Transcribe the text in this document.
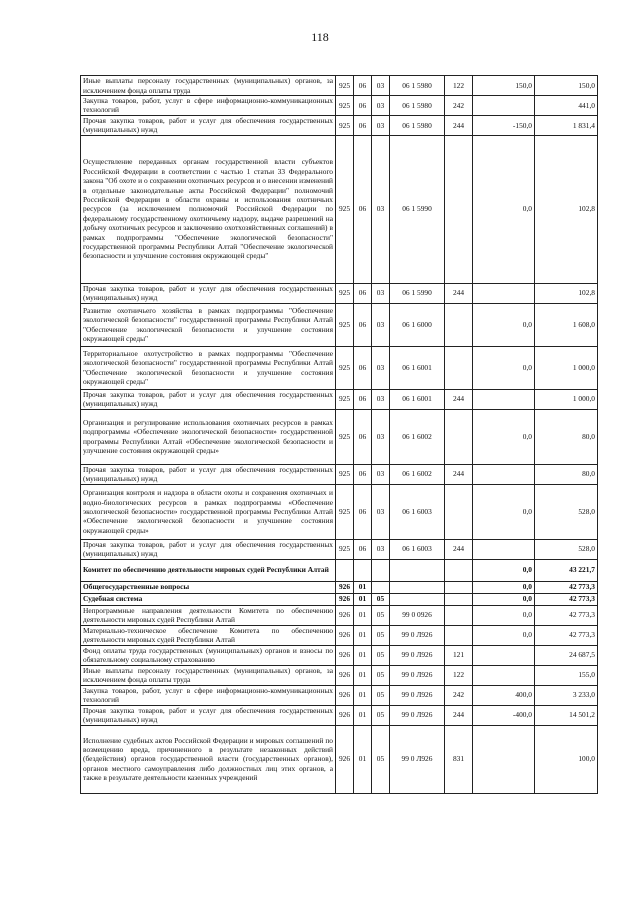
118
Иные выплаты персоналу государственных (муниципальных) органов, за исключением фонда оплаты труда	925	06	03	06 1 5980	122	150,0	150,0
Закупка товаров, работ, услуг в сфере информационно-коммуникационных технологий	925	06	03	06 1 5980	242		441,0
Прочая закупка товаров, работ и услуг для обеспечения государственных (муниципальных) нужд	925	06	03	06 1 5980	244	-150,0	1 831,4
Осуществление переданных органам государственной власти субъектов Российской Федерации в соответствии с частью 1 статьи 33 Федерального закона "Об охоте и о сохранении охотничьих ресурсов и о внесении изменений в отдельные законодательные акты Российской Федерации" полномочий Российской Федерации в области охраны и использования охотничьих ресурсов (за исключением полномочий Российской Федерации по федеральному государственному охотничьему надзору, выдаче разрешений на добычу охотничьих ресурсов и заключению охотхозяйственных соглашений) в рамках подпрограммы "Обеспечение экологической безопасности" государственной программы Республики Алтай "Обеспечение экологической безопасности и улучшение состояния окружающей среды"	925	06	03	06 1 5990		0,0	102,8
Прочая закупка товаров, работ и услуг для обеспечения государственных (муниципальных) нужд	925	06	03	06 1 5990	244		102,8
Развитие охотничьего хозяйства в рамках подпрограммы "Обеспечение экологической безопасности" государственной программы Республики Алтай "Обеспечение экологической безопасности и улучшение состояния окружающей среды"	925	06	03	06 1 6000		0,0	1 608,0
Территориальное охотустройство в рамках подпрограммы "Обеспечение экологической безопасности" государственной программы Республики Алтай "Обеспечение экологической безопасности и улучшение состояния окружающей среды"	925	06	03	06 1 6001		0,0	1 000,0
Прочая закупка товаров, работ и услуг для обеспечения государственных (муниципальных) нужд	925	06	03	06 1 6001	244		1 000,0
Организация и регулирование использования охотничьих ресурсов в рамках подпрограммы «Обеспечение экологической безопасности» государственной программы Республики Алтай «Обеспечение экологической безопасности и улучшение состояния окружающей среды»	925	06	03	06 1 6002		0,0	80,0
Прочая закупка товаров, работ и услуг для обеспечения государственных (муниципальных) нужд	925	06	03	06 1 6002	244		80,0
Организация контроля и надзора в области охоты и сохранения охотничьих и водно-биологических ресурсов в рамках подпрограммы «Обеспечение экологической безопасности» государственной программы Республики Алтай «Обеспечение экологической безопасности и улучшение состояния окружающей среды»	925	06	03	06 1 6003		0,0	528,0
Прочая закупка товаров, работ и услуг для обеспечения государственных (муниципальных) нужд	925	06	03	06 1 6003	244		528,0
Комитет по обеспечению деятельности мировых судей Республики Алтай						0,0	43 221,7
Общегосударственные вопросы	926	01				0,0	42 773,3
Судебная система	926	01	05			0,0	42 773,3
Непрограммные направления деятельности Комитета по обеспечению деятельности мировых судей Республики Алтай	926	01	05	99 0 0926		0,0	42 773,3
Материально-техническое обеспечение Комитета по обеспечению деятельности мировых судей Республики Алтай	926	01	05	99 0 Л926		0,0	42 773,3
Фонд оплаты труда государственных (муниципальных) органов и взносы по обязательному социальному страхованию	926	01	05	99 0 Л926	121		24 687,5
Иные выплаты персоналу государственных (муниципальных) органов, за исключением фонда оплаты труда	926	01	05	99 0 Л926	122		155,0
Закупка товаров, работ, услуг в сфере информационно-коммуникационных технологий	926	01	05	99 0 Л926	242	400,0	3 233,0
Прочая закупка товаров, работ и услуг для обеспечения государственных (муниципальных) нужд	926	01	05	99 0 Л926	244	-400,0	14 501,2
Исполнение судебных актов Российской Федерации и мировых соглашений по возмещению вреда, причиненного в результате незаконных действий (бездействия) органов государственной власти (государственных органов), органов местного самоуправления либо должностных лиц этих органов, а также в результате деятельности казенных учреждений	926	01	05	99 0 Л926	831		100,0
